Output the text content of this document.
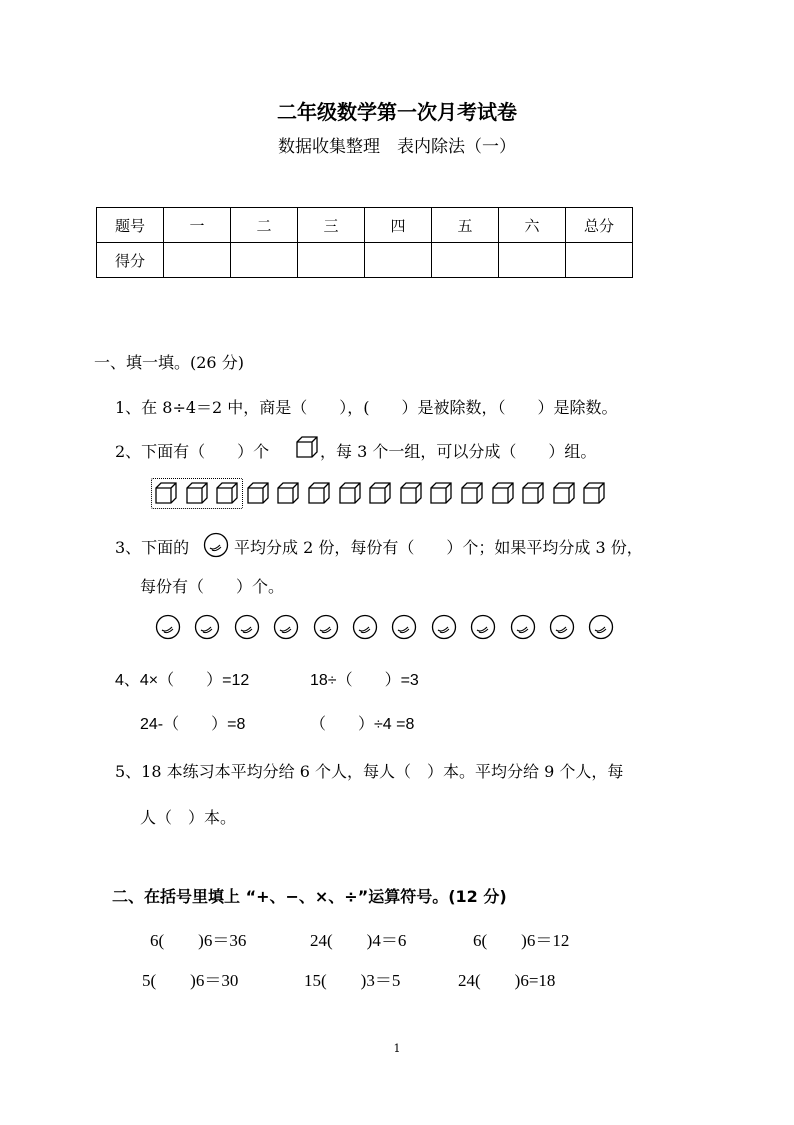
二年级数学第一次月考试卷
数据收集整理　表内除法（一）
题号	一	二	三	四	五	六	总分
得分							
一、填一填。(26 分)
1、在 8÷4＝2 中，商是（　　），(　　）是被除数，（　　）是除数。
2、下面有（　　）个	，每 3 个一组，可以分成（　　）组。
3、下面的	平均分成 2 份，每份有（　　）个；如果平均分成 3 份，
每份有（　　）个。
4、4×（　　）=12	18÷（　　）=3
24-（　　）=8	（　　）÷4 =8
5、18 本练习本平均分给 6 个人，每人（　）本。平均分给 9 个人，每
人（　）本。
二、在括号里填上 “+、−、×、÷”运算符号。(12 分)
6(　　)6＝36	24(　　)4＝6	6(　　)6＝12
5(　　)6＝30	15(　　)3＝5	24(　　)6=18
1
